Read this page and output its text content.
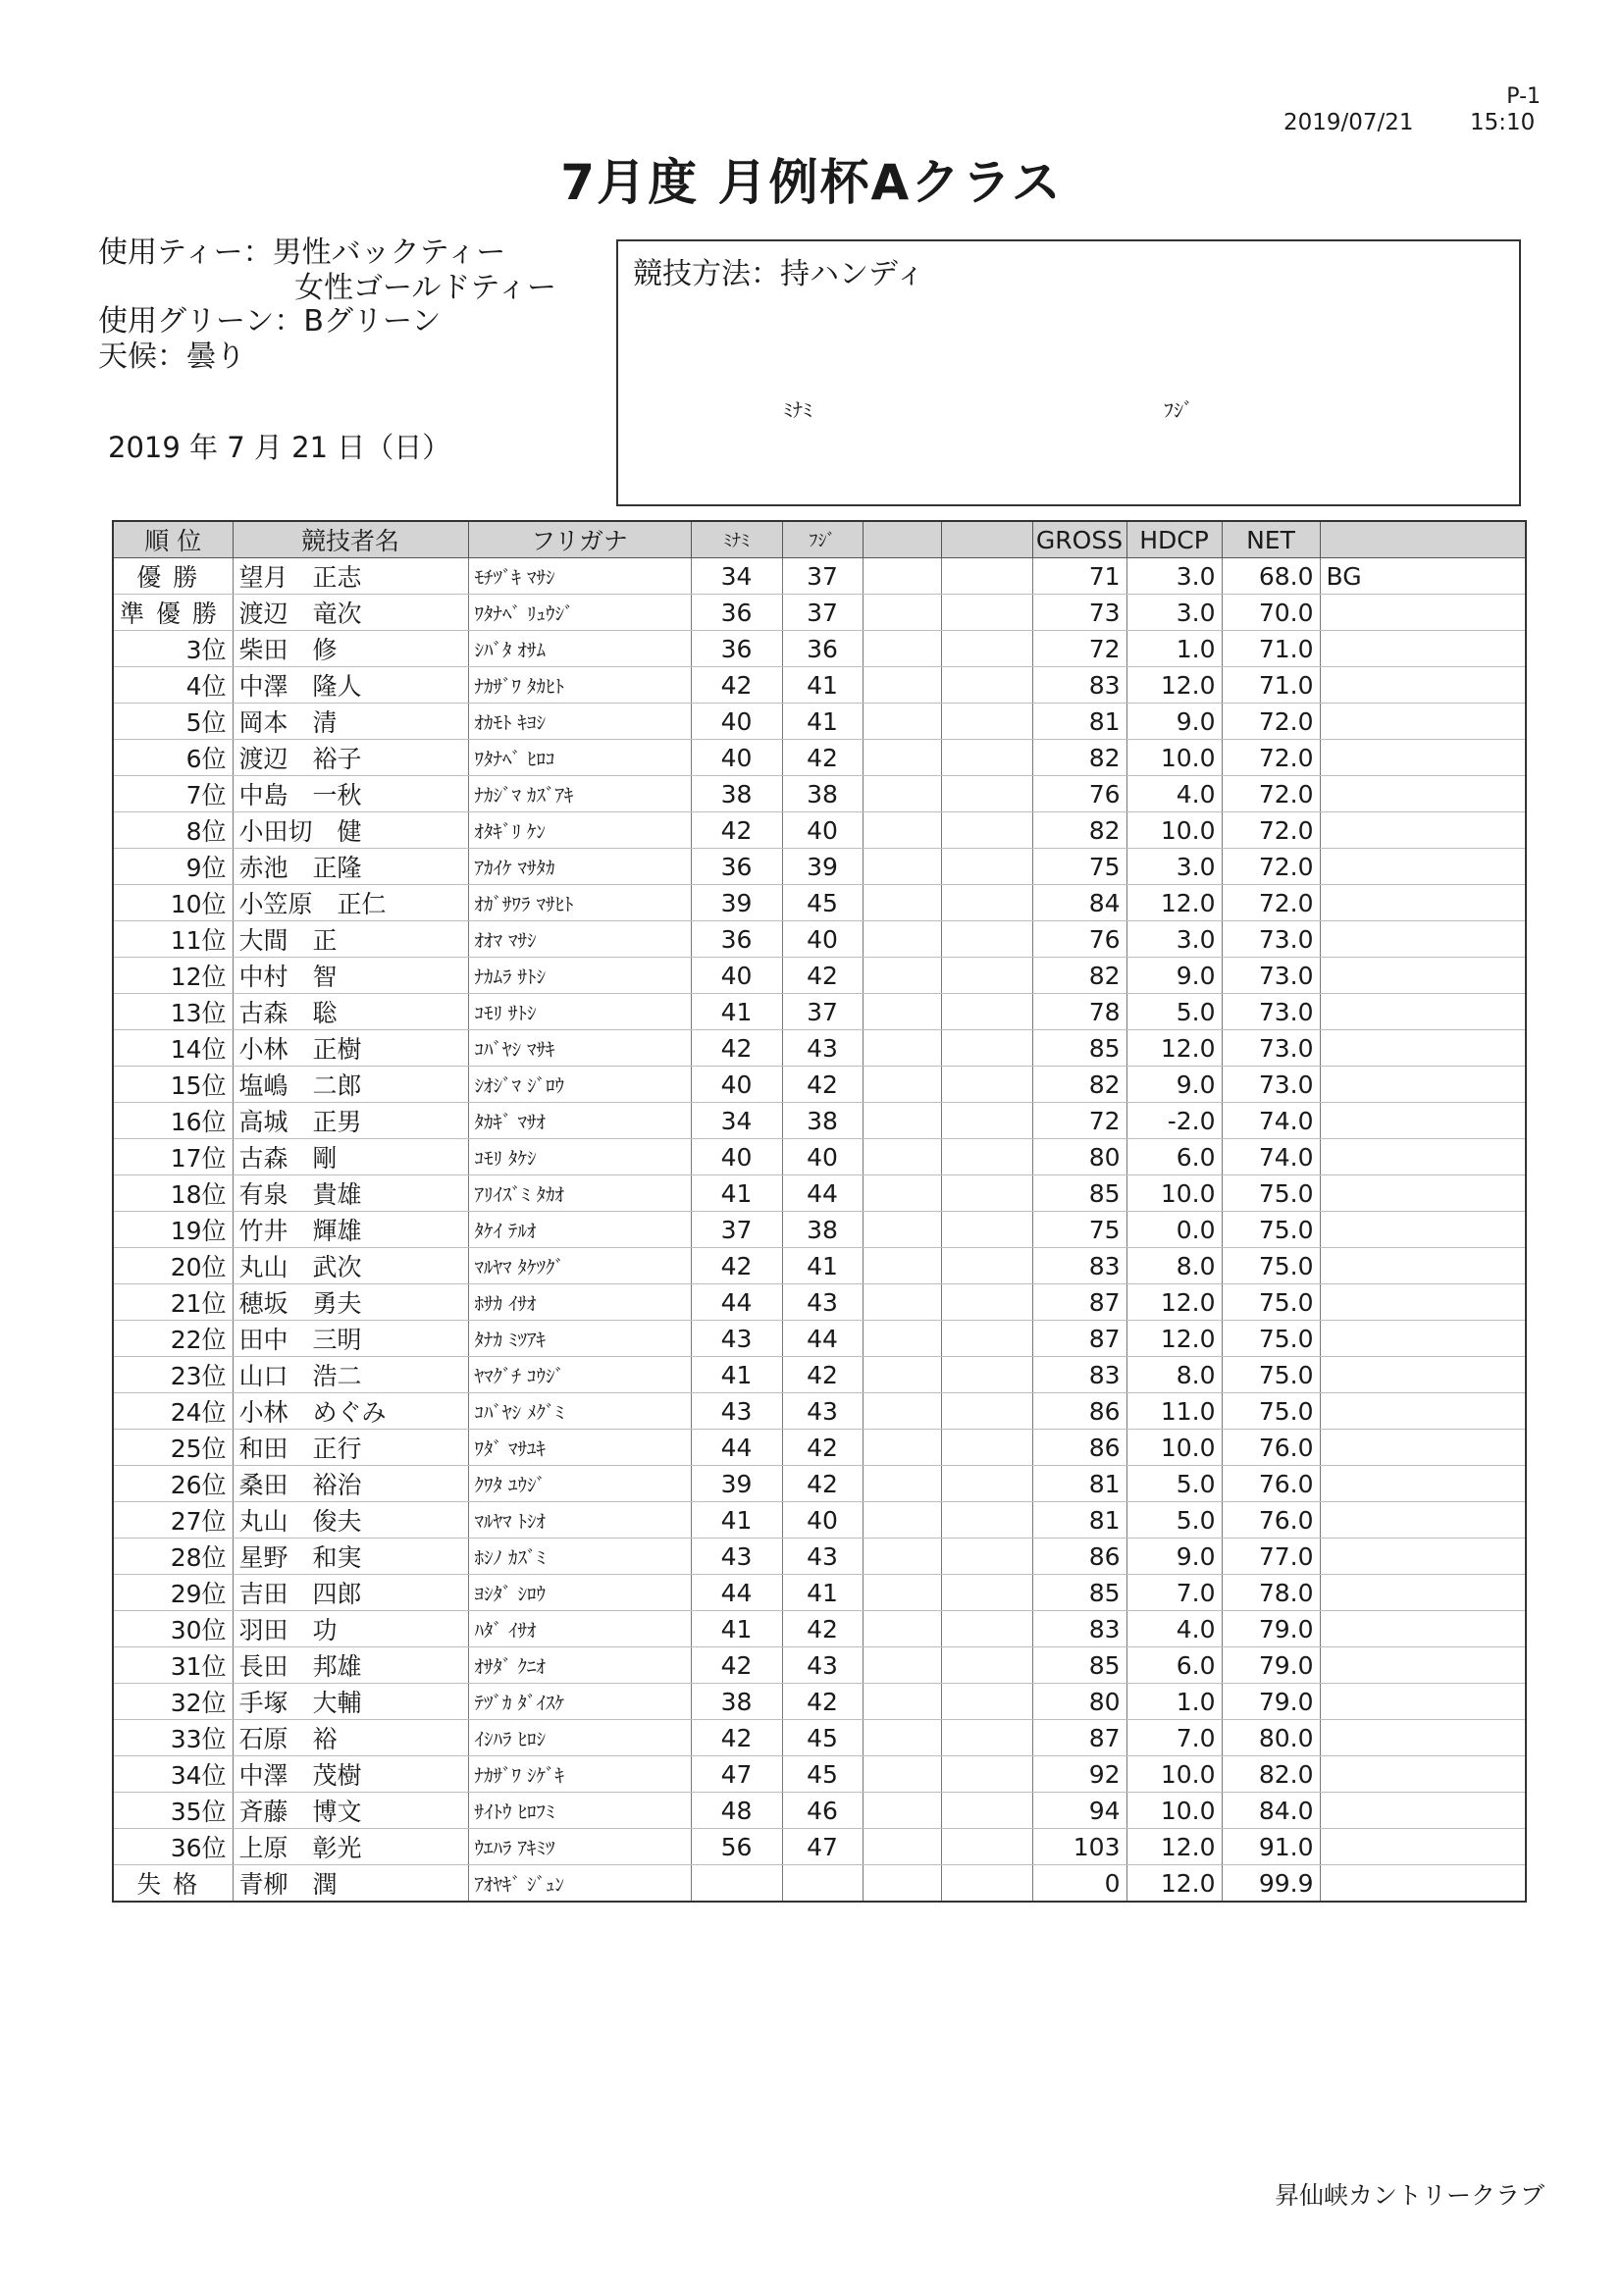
P-1
2019/07/21 15:10
7月度 月例杯Aクラス
使用ティー：男性バックティー
女性ゴールドティー
使用グリーン：Bグリーン
天候：曇り
2019 年 7 月 21 日（日）
競技方法：持ハンディ
ﾐﾅﾐ	ﾌｼﾞ
順 位	競技者名	フリガナ	ﾐﾅﾐ	ﾌｼﾞ			GROSS	HDCP	NET	
優勝	望月　正志	ﾓﾁﾂﾞｷ ﾏｻｼ	34	37			71	3.0	68.0	BG
準優勝	渡辺　竜次	ﾜﾀﾅﾍﾞ ﾘｭｳｼﾞ	36	37			73	3.0	70.0	
3位	柴田　修	ｼﾊﾞﾀ ｵｻﾑ	36	36			72	1.0	71.0	
4位	中澤　隆人	ﾅｶｻﾞﾜ ﾀｶﾋﾄ	42	41			83	12.0	71.0	
5位	岡本　清	ｵｶﾓﾄ ｷﾖｼ	40	41			81	9.0	72.0	
6位	渡辺　裕子	ﾜﾀﾅﾍﾞ ﾋﾛｺ	40	42			82	10.0	72.0	
7位	中島　一秋	ﾅｶｼﾞﾏ ｶｽﾞｱｷ	38	38			76	4.0	72.0	
8位	小田切　健	ｵﾀｷﾞﾘ ｹﾝ	42	40			82	10.0	72.0	
9位	赤池　正隆	ｱｶｲｹ ﾏｻﾀｶ	36	39			75	3.0	72.0	
10位	小笠原　正仁	ｵｶﾞｻﾜﾗ ﾏｻﾋﾄ	39	45			84	12.0	72.0	
11位	大間　正	ｵｵﾏ ﾏｻｼ	36	40			76	3.0	73.0	
12位	中村　智	ﾅｶﾑﾗ ｻﾄｼ	40	42			82	9.0	73.0	
13位	古森　聡	ｺﾓﾘ ｻﾄｼ	41	37			78	5.0	73.0	
14位	小林　正樹	ｺﾊﾞﾔｼ ﾏｻｷ	42	43			85	12.0	73.0	
15位	塩嶋　二郎	ｼｵｼﾞﾏ ｼﾞﾛｳ	40	42			82	9.0	73.0	
16位	高城　正男	ﾀｶｷﾞ ﾏｻｵ	34	38			72	-2.0	74.0	
17位	古森　剛	ｺﾓﾘ ﾀｹｼ	40	40			80	6.0	74.0	
18位	有泉　貴雄	ｱﾘｲｽﾞﾐ ﾀｶｵ	41	44			85	10.0	75.0	
19位	竹井　輝雄	ﾀｹｲ ﾃﾙｵ	37	38			75	0.0	75.0	
20位	丸山　武次	ﾏﾙﾔﾏ ﾀｹﾂｸﾞ	42	41			83	8.0	75.0	
21位	穂坂　勇夫	ﾎｻｶ ｲｻｵ	44	43			87	12.0	75.0	
22位	田中　三明	ﾀﾅｶ ﾐﾂｱｷ	43	44			87	12.0	75.0	
23位	山口　浩二	ﾔﾏｸﾞﾁ ｺｳｼﾞ	41	42			83	8.0	75.0	
24位	小林　めぐみ	ｺﾊﾞﾔｼ ﾒｸﾞﾐ	43	43			86	11.0	75.0	
25位	和田　正行	ﾜﾀﾞ ﾏｻﾕｷ	44	42			86	10.0	76.0	
26位	桑田　裕治	ｸﾜﾀ ﾕｳｼﾞ	39	42			81	5.0	76.0	
27位	丸山　俊夫	ﾏﾙﾔﾏ ﾄｼｵ	41	40			81	5.0	76.0	
28位	星野　和実	ﾎｼﾉ ｶｽﾞﾐ	43	43			86	9.0	77.0	
29位	吉田　四郎	ﾖｼﾀﾞ ｼﾛｳ	44	41			85	7.0	78.0	
30位	羽田　功	ﾊﾀﾞ ｲｻｵ	41	42			83	4.0	79.0	
31位	長田　邦雄	ｵｻﾀﾞ ｸﾆｵ	42	43			85	6.0	79.0	
32位	手塚　大輔	ﾃﾂﾞｶ ﾀﾞｲｽｹ	38	42			80	1.0	79.0	
33位	石原　裕	ｲｼﾊﾗ ﾋﾛｼ	42	45			87	7.0	80.0	
34位	中澤　茂樹	ﾅｶｻﾞﾜ ｼｹﾞｷ	47	45			92	10.0	82.0	
35位	斉藤　博文	ｻｲﾄｳ ﾋﾛﾌﾐ	48	46			94	10.0	84.0	
36位	上原　彰光	ｳｴﾊﾗ ｱｷﾐﾂ	56	47			103	12.0	91.0	
失格	青柳　潤	ｱｵﾔｷﾞ ｼﾞｭﾝ					0	12.0	99.9	
昇仙峡カントリークラブ
